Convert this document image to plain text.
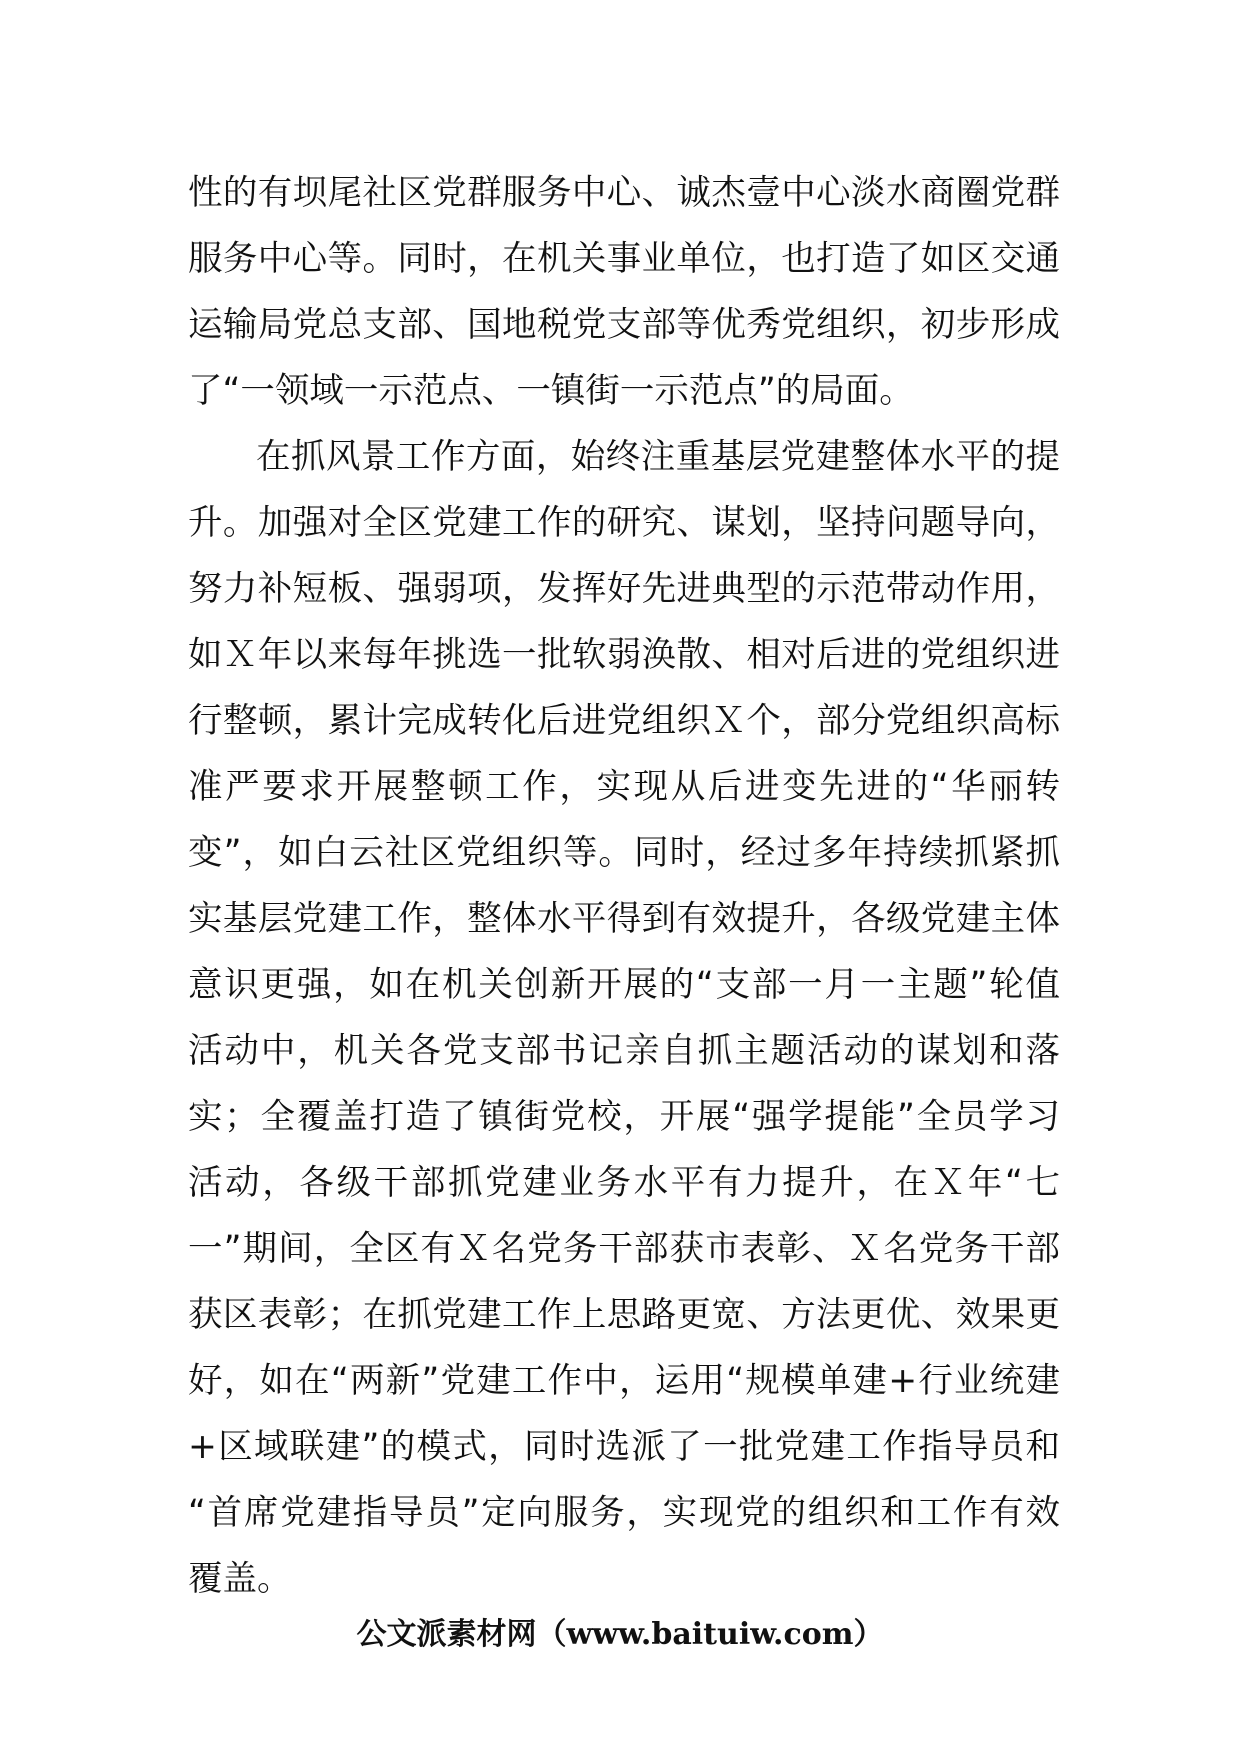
性的有坝尾社区党群服务中心、诚杰壹中心淡水商圈党群

服务中心等。同时，在机关事业单位，也打造了如区交通

运输局党总支部、国地税党支部等优秀党组织，初步形成

了“一领域一示范点、一镇街一示范点”的局面。

在抓风景工作方面，始终注重基层党建整体水平的提

升。加强对全区党建工作的研究、谋划，坚持问题导向，

努力补短板、强弱项，发挥好先进典型的示范带动作用，

如Ｘ年以来每年挑选一批软弱涣散、相对后进的党组织进

行整顿，累计完成转化后进党组织Ｘ个，部分党组织高标

准严要求开展整顿工作，实现从后进变先进的“华丽转

变”，如白云社区党组织等。同时，经过多年持续抓紧抓

实基层党建工作，整体水平得到有效提升，各级党建主体

意识更强，如在机关创新开展的“支部一月一主题”轮值

活动中，机关各党支部书记亲自抓主题活动的谋划和落

实；全覆盖打造了镇街党校，开展“强学提能”全员学习

活动，各级干部抓党建业务水平有力提升，在Ｘ年“七

一”期间，全区有Ｘ名党务干部获市表彰、Ｘ名党务干部

获区表彰；在抓党建工作上思路更宽、方法更优、效果更

好，如在“两新”党建工作中，运用“规模单建+行业统建

+区域联建”的模式，同时选派了一批党建工作指导员和

“首席党建指导员”定向服务，实现党的组织和工作有效

覆盖。

公文派素材网（www.baituiw.com）
